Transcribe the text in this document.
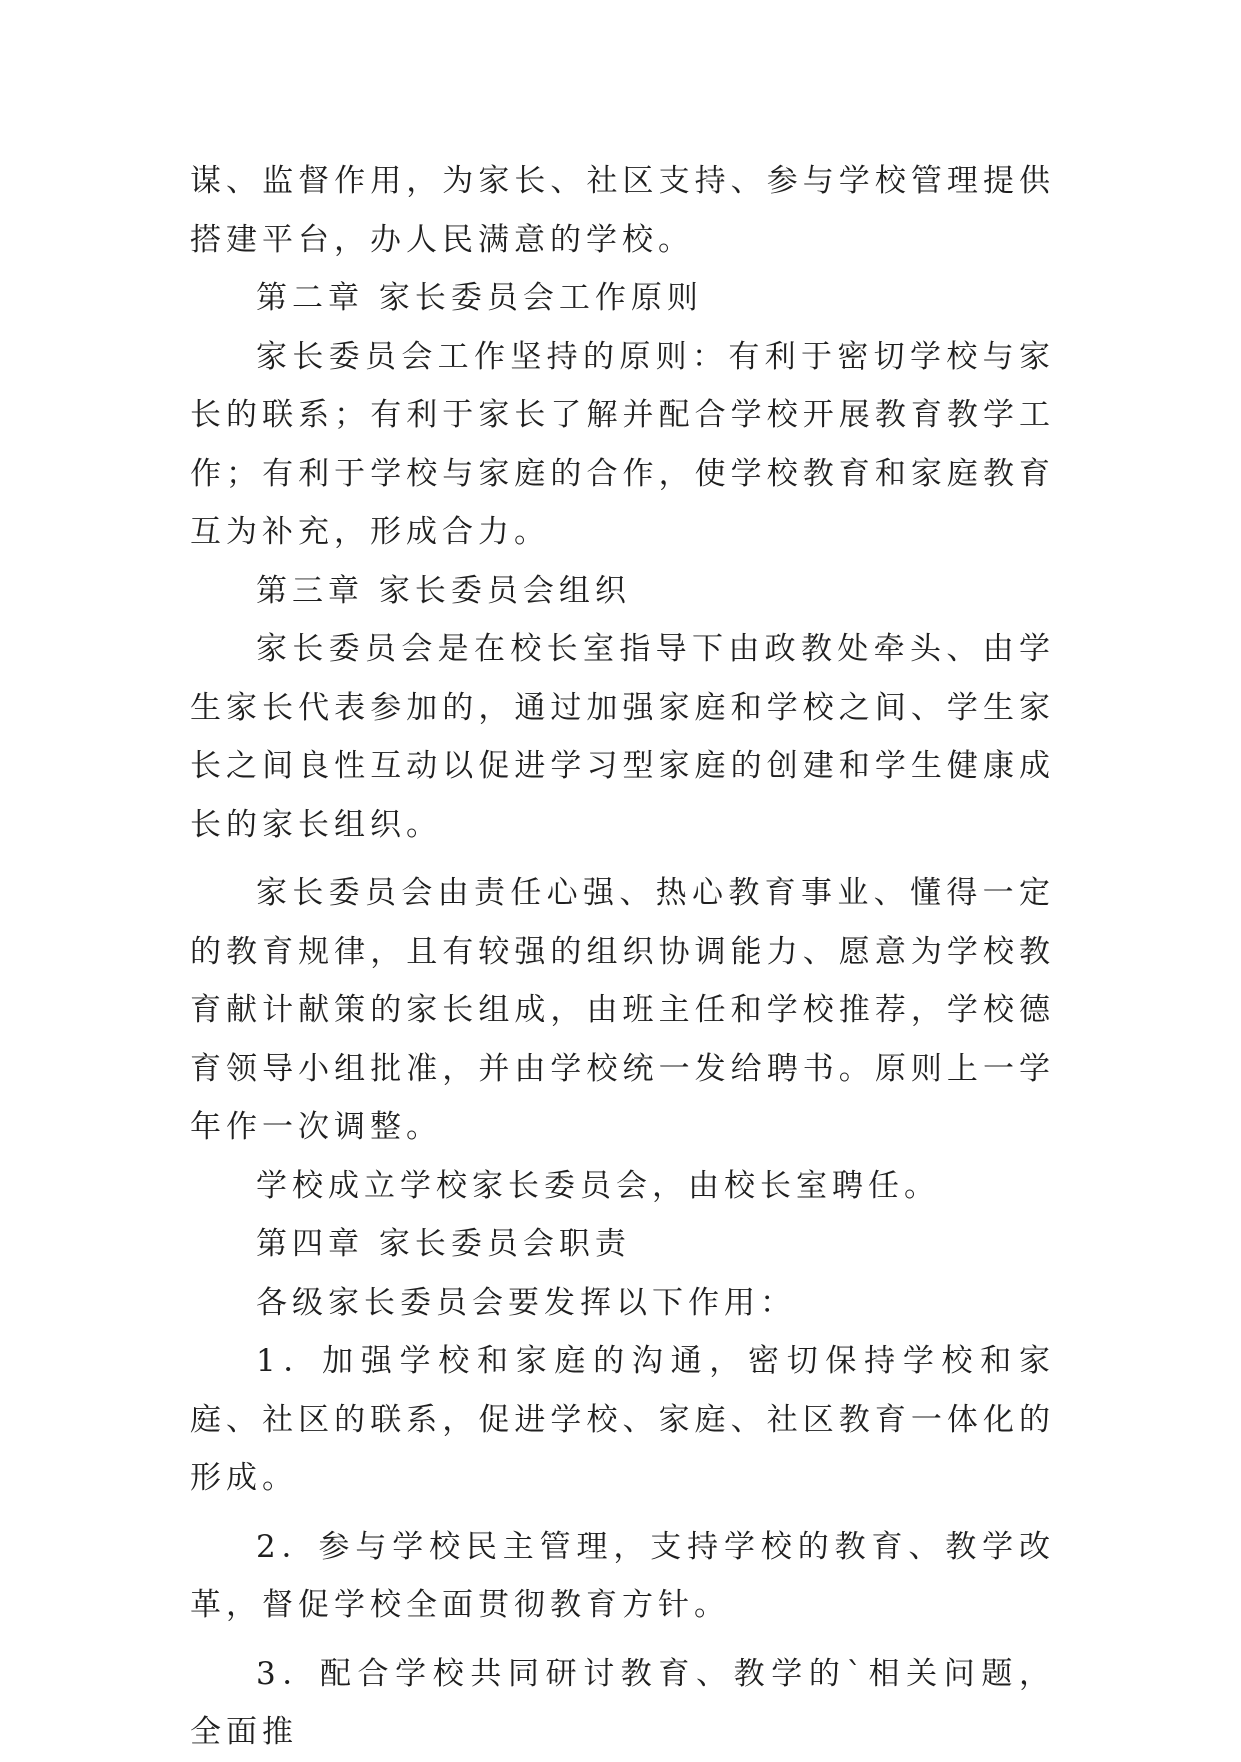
谋、监督作用，为家长、社区支持、参与学校管理提供搭建平台，办人民满意的学校。

第二章 家长委员会工作原则

家长委员会工作坚持的原则：有利于密切学校与家长的联系；有利于家长了解并配合学校开展教育教学工作；有利于学校与家庭的合作，使学校教育和家庭教育互为补充，形成合力。

第三章 家长委员会组织

家长委员会是在校长室指导下由政教处牵头、由学生家长代表参加的，通过加强家庭和学校之间、学生家长之间良性互动以促进学习型家庭的创建和学生健康成长的家长组织。

家长委员会由责任心强、热心教育事业、懂得一定的教育规律，且有较强的组织协调能力、愿意为学校教育献计献策的家长组成，由班主任和学校推荐，学校德育领导小组批准，并由学校统一发给聘书。原则上一学年作一次调整。

学校成立学校家长委员会，由校长室聘任。

第四章 家长委员会职责

各级家长委员会要发挥以下作用：

1．加强学校和家庭的沟通，密切保持学校和家庭、社区的联系，促进学校、家庭、社区教育一体化的形成。

2．参与学校民主管理，支持学校的教育、教学改革，督促学校全面贯彻教育方针。

3．配合学校共同研讨教育、教学的`相关问题，全面推
